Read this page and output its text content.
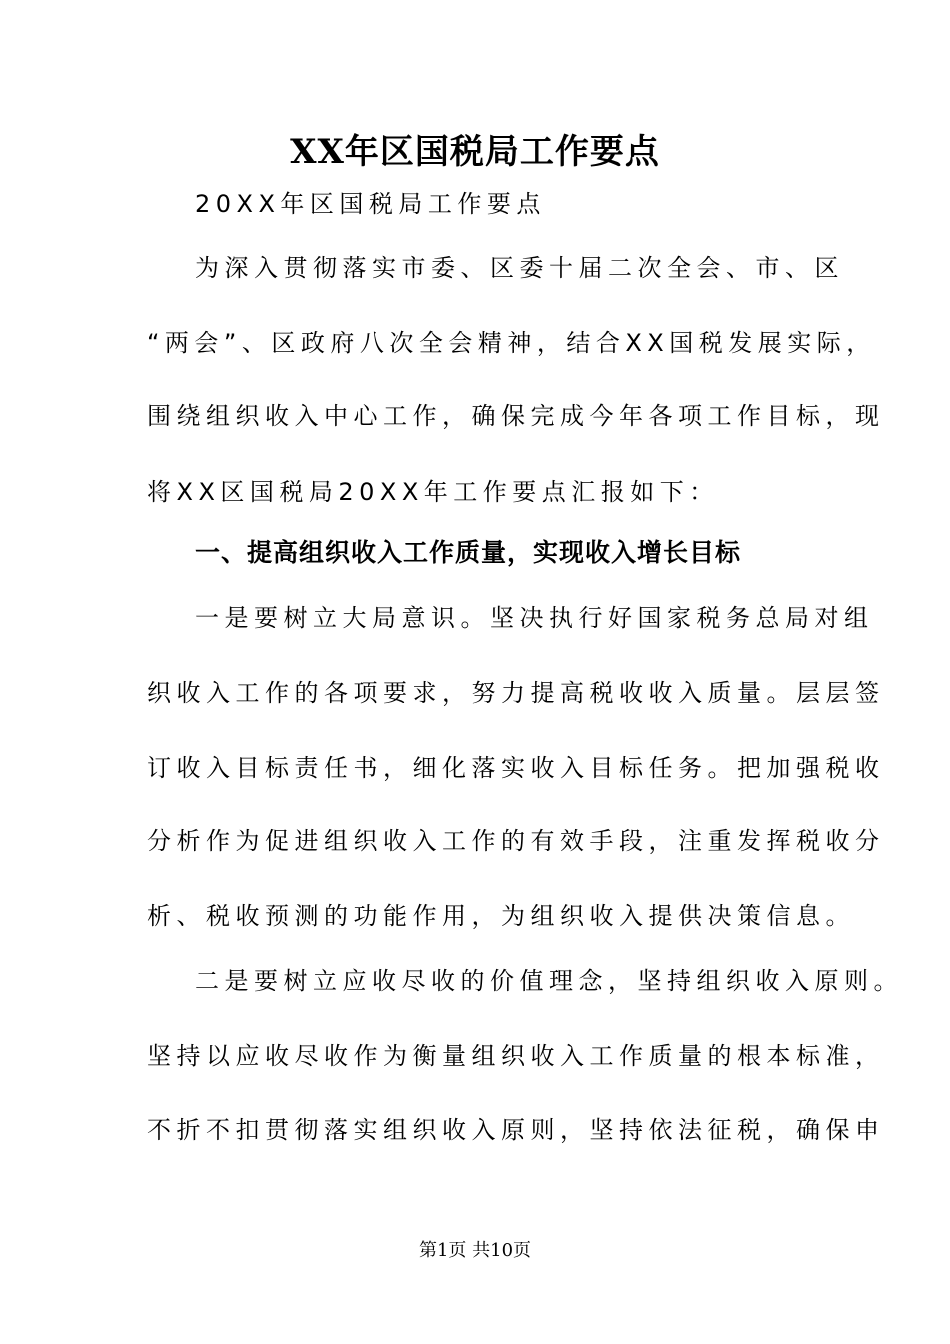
XX年区国税局工作要点
20XX年区国税局工作要点
为深入贯彻落实市委、区委十届二次全会、市、区
“两会”、区政府八次全会精神，结合XX国税发展实际，
围绕组织收入中心工作，确保完成今年各项工作目标，现
将XX区国税局20XX年工作要点汇报如下：
一、提高组织收入工作质量，实现收入增长目标
一是要树立大局意识。坚决执行好国家税务总局对组
织收入工作的各项要求，努力提高税收收入质量。层层签
订收入目标责任书，细化落实收入目标任务。把加强税收
分析作为促进组织收入工作的有效手段，注重发挥税收分
析、税收预测的功能作用，为组织收入提供决策信息。
二是要树立应收尽收的价值理念，坚持组织收入原则。
坚持以应收尽收作为衡量组织收入工作质量的根本标准，
不折不扣贯彻落实组织收入原则，坚持依法征税，确保申
第1页 共10页
